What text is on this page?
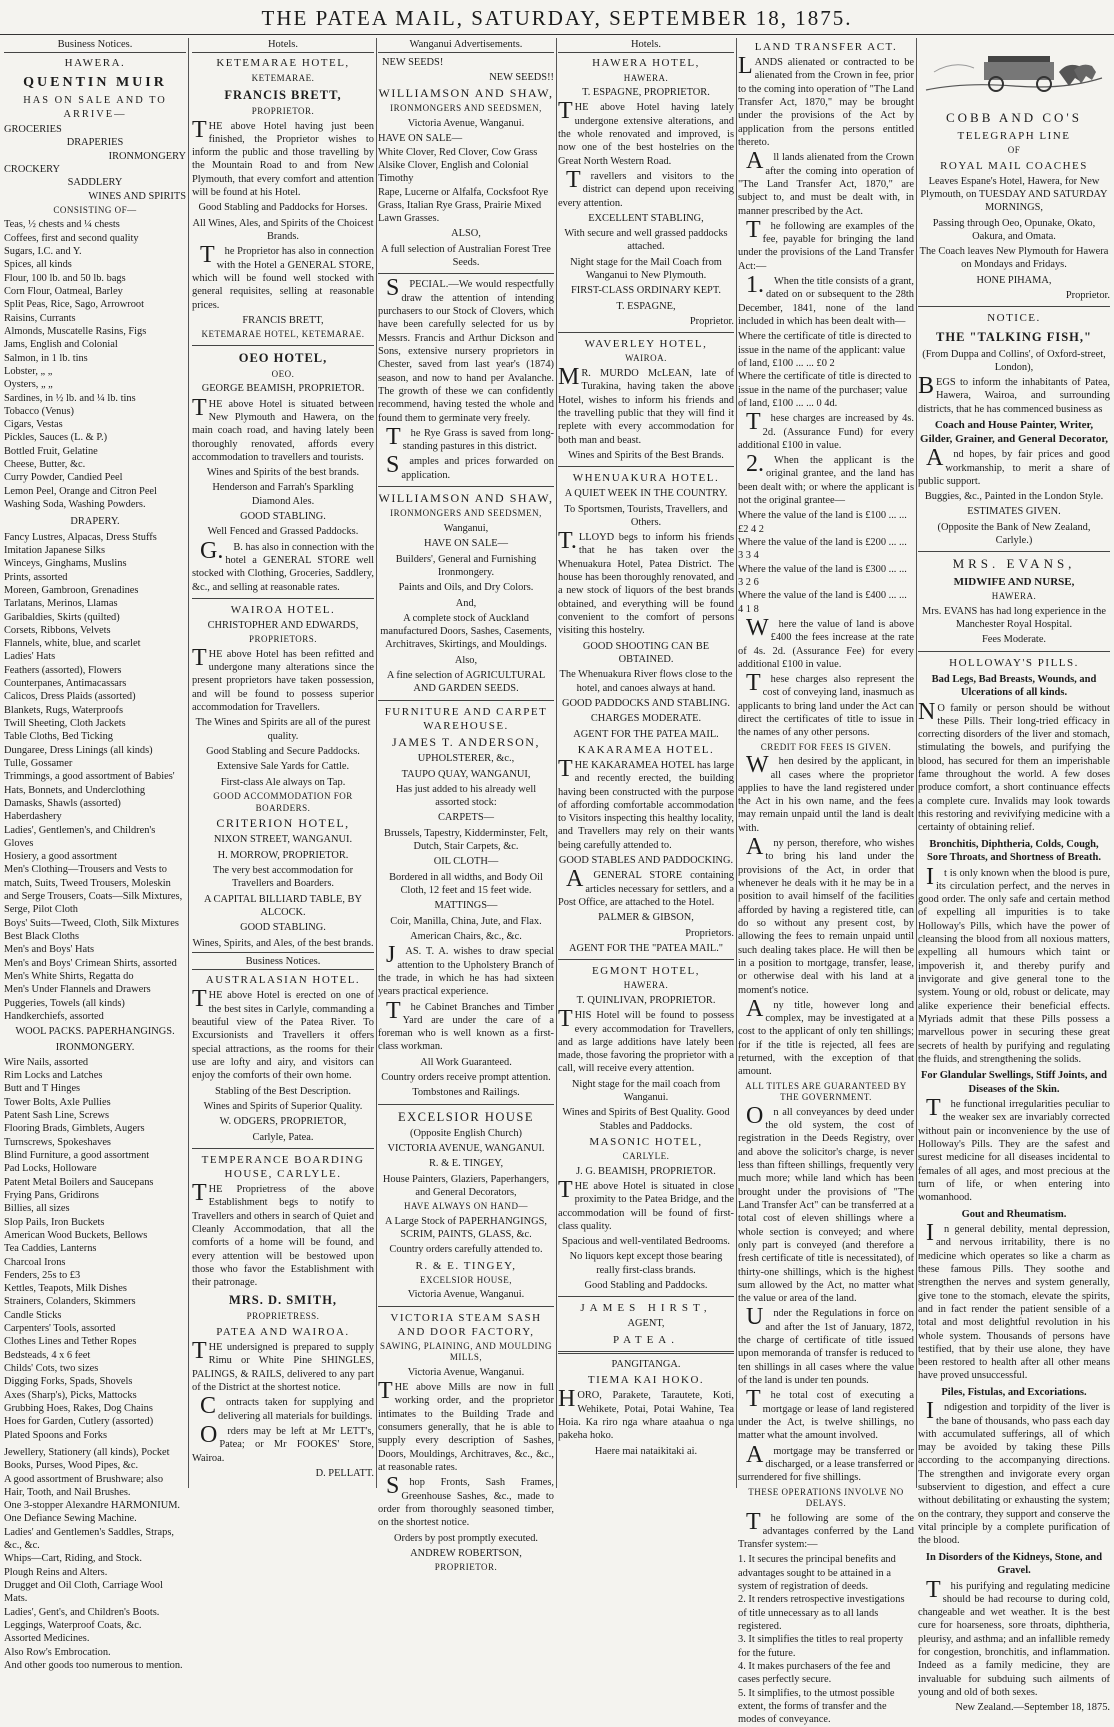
THE PATEA MAIL, SATURDAY, SEPTEMBER 18, 1875.
Business Notices.
HAWERA.
QUENTIN MUIR
HAS ON SALE AND TO ARRIVE—
GROCERIES
DRAPERIES
IRONMONGERY
CROCKERY
SADDLERY
WINES AND SPIRITS
CONSISTING OF—
Teas, ½ chests and ¼ chests
Coffees, first and second quality
Sugars, I.C. and Y.
Spices, all kinds
Flour, 100 lb. and 50 lb. bags
Corn Flour, Oatmeal, Barley
Split Peas, Rice, Sago, Arrowroot
Raisins, Currants
Almonds, Muscatelle Rasins, Figs
Jams, English and Colonial
Salmon, in 1 lb. tins
Lobster, „ „
Oysters, „ „
Sardines, in ½ lb. and ¼ lb. tins
Tobacco (Venus)
Cigars, Vestas
Pickles, Sauces (L. & P.)
Bottled Fruit, Gelatine
Cheese, Butter, &c.
Curry Powder, Candied Peel
Lemon Peel, Orange and Citron Peel
Washing Soda, Washing Powders.
DRAPERY.
Fancy Lustres, Alpacas, Dress Stuffs
Imitation Japanese Silks
Winceys, Ginghams, Muslins
Prints, assorted
Moreen, Gambroon, Grenadines
Tarlatans, Merinos, Llamas
Garibaldies, Skirts (quilted)
Corsets, Ribbons, Velvets
Flannels, white, blue, and scarlet
Ladies' Hats
Feathers (assorted), Flowers
Counterpanes, Antimacassars
Calicos, Dress Plaids (assorted)
Blankets, Rugs, Waterproofs
Twill Sheeting, Cloth Jackets
Table Cloths, Bed Ticking
Dungaree, Dress Linings (all kinds)
Tulle, Gossamer
Trimmings, a good assortment of Babies' Hats, Bonnets, and Underclothing
Damasks, Shawls (assorted)
Haberdashery
Ladies', Gentlemen's, and Children's Gloves
Hosiery, a good assortment
Men's Clothing—Trousers and Vests to match, Suits, Tweed Trousers, Moleskin and Serge Trousers, Coats—Silk Mixtures, Serge, Pilot Cloth
Boys' Suits—Tweed, Cloth, Silk Mixtures
Best Black Cloths
Men's and Boys' Hats
Men's and Boys' Crimean Shirts, assorted
Men's White Shirts, Regatta do
Men's Under Flannels and Drawers
Puggeries, Towels (all kinds)
Handkerchiefs, assorted
WOOL PACKS. PAPERHANGINGS.
IRONMONGERY.
Wire Nails, assorted
Rim Locks and Latches
Butt and T Hinges
Tower Bolts, Axle Pullies
Patent Sash Line, Screws
Flooring Brads, Gimblets, Augers
Turnscrews, Spokeshaves
Blind Furniture, a good assortment
Pad Locks, Holloware
Patent Metal Boilers and Saucepans
Frying Pans, Gridirons
Billies, all sizes
Slop Pails, Iron Buckets
American Wood Buckets, Bellows
Tea Caddies, Lanterns
Charcoal Irons
Fenders, 25s to £3
Kettles, Teapots, Milk Dishes
Strainers, Colanders, Skimmers
Candle Sticks
Carpenters' Tools, assorted
Clothes Lines and Tether Ropes
Bedsteads, 4 x 6 feet
Childs' Cots, two sizes
Digging Forks, Spads, Shovels
Axes (Sharp's), Picks, Mattocks
Grubbing Hoes, Rakes, Dog Chains
Hoes for Garden, Cutlery (assorted)
Plated Spoons and Forks
Jewellery, Stationery (all kinds), Pocket Books, Purses, Wood Pipes, &c.
A good assortment of Brushware; also Hair, Tooth, and Nail Brushes.
One 3-stopper Alexandre HARMONIUM.
One Defiance Sewing Machine.
Ladies' and Gentlemen's Saddles, Straps, &c., &c.
Whips—Cart, Riding, and Stock.
Plough Reins and Alters.
Drugget and Oil Cloth, Carriage Wool Mats.
Ladies', Gent's, and Children's Boots.
Leggings, Waterproof Coats, &c.
Assorted Medicines.
Also Row's Embrocation.
And other goods too numerous to mention.
Hotels.
KETEMARAE HOTEL,
KETEMARAE.
FRANCIS BRETT,
PROPRIETOR.
THE above Hotel having just been finished, the Proprietor wishes to inform the public and those travelling by the Mountain Road to and from New Plymouth, that every comfort and attention will be found at his Hotel.
Good Stabling and Paddocks for Horses.
All Wines, Ales, and Spirits of the Choicest Brands.
The Proprietor has also in connection with the Hotel a GENERAL STORE, which will be found well stocked with general requisites, selling at reasonable prices.
FRANCIS BRETT,
KETEMARAE HOTEL, KETEMARAE.
OEO HOTEL,
OEO.
GEORGE BEAMISH, PROPRIETOR.
THE above Hotel is situated between New Plymouth and Hawera, on the main coach road, and having lately been thoroughly renovated, affords every accommodation to travellers and tourists.
Wines and Spirits of the best brands.
Henderson and Farrah's Sparkling Diamond Ales.
GOOD STABLING.
Well Fenced and Grassed Paddocks.
G.B. has also in connection with the hotel a GENERAL STORE well stocked with Clothing, Groceries, Saddlery, &c., and selling at reasonable rates.
WAIROA HOTEL.
CHRISTOPHER AND EDWARDS,
PROPRIETORS.
THE above Hotel has been refitted and undergone many alterations since the present proprietors have taken possession, and will be found to possess superior accommodation for Travellers.
The Wines and Spirits are all of the purest quality.
Good Stabling and Secure Paddocks.
Extensive Sale Yards for Cattle.
First-class Ale always on Tap.
GOOD ACCOMMODATION FOR BOARDERS.
CRITERION HOTEL,
NIXON STREET, WANGANUI.
H. MORROW, PROPRIETOR.
The very best accommodation for Travellers and Boarders.
A CAPITAL BILLIARD TABLE, BY ALCOCK.
GOOD STABLING.
Wines, Spirits, and Ales, of the best brands.
Business Notices.
AUSTRALASIAN HOTEL.
THE above Hotel is erected on one of the best sites in Carlyle, commanding a beautiful view of the Patea River. To Excursionists and Travellers it offers special attractions, as the rooms for their use are lofty and airy, and visitors can enjoy the comforts of their own home.
Stabling of the Best Description.
Wines and Spirits of Superior Quality.
W. ODGERS, PROPRIETOR,
Carlyle, Patea.
TEMPERANCE BOARDING HOUSE, CARLYLE.
THE Proprietress of the above Establishment begs to notify to Travellers and others in search of Quiet and Cleanly Accommodation, that all the comforts of a home will be found, and every attention will be bestowed upon those who favor the Establishment with their patronage.
MRS. D. SMITH,
PROPRIETRESS.
PATEA AND WAIROA.
THE undersigned is prepared to supply Rimu or White Pine SHINGLES, PALINGS, & RAILS, delivered to any part of the District at the shortest notice.
Contracts taken for supplying and delivering all materials for buildings.
Orders may be left at Mr LETT's, Patea; or Mr FOOKES' Store, Wairoa.
D. PELLATT.
Wanganui Advertisements.
NEW SEEDS!
NEW SEEDS!!
WILLIAMSON AND SHAW,
IRONMONGERS AND SEEDSMEN,
Victoria Avenue, Wanganui.
HAVE ON SALE—
White Clover, Red Clover, Cow Grass Alsike Clover, English and Colonial Timothy
Rape, Lucerne or Alfalfa, Cocksfoot Rye Grass, Italian Rye Grass, Prairie Mixed Lawn Grasses.
ALSO,
A full selection of Australian Forest Tree Seeds.
SPECIAL.—We would respectfully draw the attention of intending purchasers to our Stock of Clovers, which have been carefully selected for us by Messrs. Francis and Arthur Dickson and Sons, extensive nursery proprietors in Chester, saved from last year's (1874) season, and now to hand per Avalanche. The growth of these we can confidently recommend, having tested the whole and found them to germinate very freely.
The Rye Grass is saved from long-standing pastures in this district.
Samples and prices forwarded on application.
WILLIAMSON AND SHAW,
IRONMONGERS AND SEEDSMEN,
Wanganui,
HAVE ON SALE—
Builders', General and Furnishing Ironmongery.
Paints and Oils, and Dry Colors.
And,
A complete stock of Auckland manufactured Doors, Sashes, Casements, Architraves, Skirtings, and Mouldings.
Also,
A fine selection of AGRICULTURAL AND GARDEN SEEDS.
FURNITURE AND CARPET WAREHOUSE.
JAMES T. ANDERSON,
UPHOLSTERER, &c.,
TAUPO QUAY, WANGANUI,
Has just added to his already well assorted stock:
CARPETS—
Brussels, Tapestry, Kidderminster, Felt, Dutch, Stair Carpets, &c.
OIL CLOTH—
Bordered in all widths, and Body Oil Cloth, 12 feet and 15 feet wide.
MATTINGS—
Coir, Manilla, China, Jute, and Flax.
American Chairs, &c., &c.
JAS. T. A. wishes to draw special attention to the Upholstery Branch of the trade, in which he has had sixteen years practical experience.
The Cabinet Branches and Timber Yard are under the care of a foreman who is well known as a first-class workman.
All Work Guaranteed.
Country orders receive prompt attention.
Tombstones and Railings.
EXCELSIOR HOUSE
(Opposite English Church)
VICTORIA AVENUE, WANGANUI.
R. & E. TINGEY,
House Painters, Glaziers, Paperhangers, and General Decorators,
HAVE ALWAYS ON HAND—
A Large Stock of PAPERHANGINGS, SCRIM, PAINTS, GLASS, &c.
Country orders carefully attended to.
R. & E. TINGEY,
EXCELSIOR HOUSE,
Victoria Avenue, Wanganui.
VICTORIA STEAM SASH AND DOOR FACTORY,
SAWING, PLAINING, AND MOULDING MILLS,
Victoria Avenue, Wanganui.
THE above Mills are now in full working order, and the proprietor intimates to the Building Trade and consumers generally, that he is able to supply every description of Sashes, Doors, Mouldings, Architraves, &c., &c., at reasonable rates.
Shop Fronts, Sash Frames, Greenhouse Sashes, &c., made to order from thoroughly seasoned timber, on the shortest notice.
Orders by post promptly executed.
ANDREW ROBERTSON,
PROPRIETOR.
Hotels.
HAWERA HOTEL,
HAWERA.
T. ESPAGNE, PROPRIETOR.
THE above Hotel having lately undergone extensive alterations, and the whole renovated and improved, is now one of the best hostelries on the Great North Western Road.
Travellers and visitors to the district can depend upon receiving every attention.
EXCELLENT STABLING,
With secure and well grassed paddocks attached.
Night stage for the Mail Coach from Wanganui to New Plymouth.
FIRST-CLASS ORDINARY KEPT.
T. ESPAGNE,
Proprietor.
WAVERLEY HOTEL,
WAIROA.
MR. MURDO McLEAN, late of Turakina, having taken the above Hotel, wishes to inform his friends and the travelling public that they will find it replete with every accommodation for both man and beast.
Wines and Spirits of the Best Brands.
WHENUAKURA HOTEL.
A QUIET WEEK IN THE COUNTRY.
To Sportsmen, Tourists, Travellers, and Others.
T.LLOYD begs to inform his friends that he has taken over the Whenuakura Hotel, Patea District. The house has been thoroughly renovated, and a new stock of liquors of the best brands obtained, and everything will be found convenient to the comfort of persons visiting this hostelry.
GOOD SHOOTING CAN BE OBTAINED.
The Whenuakura River flows close to the hotel, and canoes always at hand.
GOOD PADDOCKS AND STABLING.
CHARGES MODERATE.
AGENT FOR THE PATEA MAIL.
KAKARAMEA HOTEL.
THE KAKARAMEA HOTEL has large and recently erected, the building having been constructed with the purpose of affording comfortable accommodation to Visitors inspecting this healthy locality, and Travellers may rely on their wants being carefully attended to.
GOOD STABLES AND PADDOCKING.
AGENERAL STORE containing articles necessary for settlers, and a Post Office, are attached to the Hotel.
PALMER & GIBSON,
Proprietors.
AGENT FOR THE "PATEA MAIL."
EGMONT HOTEL,
HAWERA.
T. QUINLIVAN, PROPRIETOR.
THIS Hotel will be found to possess every accommodation for Travellers, and as large additions have lately been made, those favoring the proprietor with a call, will receive every attention.
Night stage for the mail coach from Wanganui.
Wines and Spirits of Best Quality. Good Stables and Paddocks.
MASONIC HOTEL,
CARLYLE.
J. G. BEAMISH, PROPRIETOR.
THE above Hotel is situated in close proximity to the Patea Bridge, and the accommodation will be found of first-class quality.
Spacious and well-ventilated Bedrooms.
No liquors kept except those bearing really first-class brands.
Good Stabling and Paddocks.
JAMES HIRST,
AGENT,
PATEA.
PANGITANGA.
TIEMA KAI HOKO.
HORO, Parakete, Tarautete, Koti, Wehikete, Potai, Potai Wahine, Tea Hoia. Ka riro nga whare ataahua o nga pakeha hoko.
Haere mai nataikitaki ai.
LAND TRANSFER ACT.
LANDS alienated or contracted to be alienated from the Crown in fee, prior to the coming into operation of "The Land Transfer Act, 1870," may be brought under the provisions of the Act by application from the persons entitled thereto.
All lands alienated from the Crown after the coming into operation of "The Land Transfer Act, 1870," are subject to, and must be dealt with, in manner prescribed by the Act.
The following are examples of the fee, payable for bringing the land under the provisions of the Land Transfer Act:—
1.When the title consists of a grant, dated on or subsequent to the 28th December, 1841, none of the land included in which has been dealt with—
Where the certificate of title is directed to issue in the name of the applicant: value of land, £100 ... ... £0 2
Where the certificate of title is directed to issue in the name of the purchaser; value of land, £100 ... ... 0 4d.
These charges are increased by 4s. 2d. (Assurance Fund) for every additional £100 in value.
2.When the applicant is the original grantee, and the land has been dealt with; or where the applicant is not the original grantee—
Where the value of the land is £100 ... ... £2 4 2
Where the value of the land is £200 ... ... 3 3 4
Where the value of the land is £300 ... ... 3 2 6
Where the value of the land is £400 ... ... 4 1 8
Where the value of land is above £400 the fees increase at the rate of 4s. 2d. (Assurance Fee) for every additional £100 in value.
These charges also represent the cost of conveying land, inasmuch as applicants to bring land under the Act can direct the certificates of title to issue in the names of any other persons.
CREDIT FOR FEES IS GIVEN.
When desired by the applicant, in all cases where the proprietor applies to have the land registered under the Act in his own name, and the fees may remain unpaid until the land is dealt with.
Any person, therefore, who wishes to bring his land under the provisions of the Act, in order that whenever he deals with it he may be in a position to avail himself of the facilities afforded by having a registered title, can do so without any present cost, by allowing the fees to remain unpaid until such dealing takes place. He will then be in a position to mortgage, transfer, lease, or otherwise deal with his land at a moment's notice.
Any title, however long and complex, may be investigated at a cost to the applicant of only ten shillings; for if the title is rejected, all fees are returned, with the exception of that amount.
ALL TITLES ARE GUARANTEED BY THE GOVERNMENT.
On all conveyances by deed under the old system, the cost of registration in the Deeds Registry, over and above the solicitor's charge, is never less than fifteen shillings, frequently very much more; while land which has been brought under the provisions of "The Land Transfer Act" can be transferred at a total cost of eleven shillings where a whole section is conveyed; and where only part is conveyed (and therefore a fresh certificate of title is necessitated), of thirty-one shillings, which is the highest sum allowed by the Act, no matter what the value or area of the land.
Under the Regulations in force on and after the 1st of January, 1872, the charge of certificate of title issued upon memoranda of transfer is reduced to ten shillings in all cases where the value of the land is under ten pounds.
The total cost of executing a mortgage or lease of land registered under the Act, is twelve shillings, no matter what the amount involved.
Amortgage may be transferred or discharged, or a lease transferred or surrendered for five shillings.
THESE OPERATIONS INVOLVE NO DELAYS.
The following are some of the advantages conferred by the Land Transfer system:—
1. It secures the principal benefits and advantages sought to be attained in a system of registration of deeds.
2. It renders retrospective investigations of title unnecessary as to all lands registered.
3. It simplifies the titles to real property for the future.
4. It makes purchasers of the fee and cases perfectly secure.
5. It simplifies, to the utmost possible extent, the forms of transfer and the modes of conveyance.
COBB AND CO'S
TELEGRAPH LINE
OF
ROYAL MAIL COACHES
Leaves Espane's Hotel, Hawera, for New Plymouth, on TUESDAY AND SATURDAY MORNINGS,
Passing through Oeo, Opunake, Okato, Oakura, and Omata.
The Coach leaves New Plymouth for Hawera on Mondays and Fridays.
HONE PIHAMA,
Proprietor.
NOTICE.
THE "TALKING FISH,"
(From Duppa and Collins', of Oxford-street, London),
BEGS to inform the inhabitants of Patea, Hawera, Wairoa, and surrounding districts, that he has commenced business as
Coach and House Painter, Writer, Gilder, Grainer, and General Decorator,
And hopes, by fair prices and good workmanship, to merit a share of public support.
Buggies, &c., Painted in the London Style.
ESTIMATES GIVEN.
(Opposite the Bank of New Zealand, Carlyle.)
MRS. EVANS,
MIDWIFE AND NURSE,
HAWERA.
Mrs. EVANS has had long experience in the Manchester Royal Hospital.
Fees Moderate.
HOLLOWAY'S PILLS.
Bad Legs, Bad Breasts, Wounds, and Ulcerations of all kinds.
NO family or person should be without these Pills. Their long-tried efficacy in correcting disorders of the liver and stomach, stimulating the bowels, and purifying the blood, has secured for them an imperishable fame throughout the world. A few doses produce comfort, a short continuance effects a complete cure. Invalids may look towards this restoring and revivifying medicine with a certainty of obtaining relief.
Bronchitis, Diphtheria, Colds, Cough, Sore Throats, and Shortness of Breath.
It is only known when the blood is pure, its circulation perfect, and the nerves in good order. The only safe and certain method of expelling all impurities is to take Holloway's Pills, which have the power of cleansing the blood from all noxious matters, expelling all humours which taint or impoverish it, and thereby purify and invigorate and give general tone to the system. Young or old, robust or delicate, may alike experience their beneficial effects. Myriads admit that these Pills possess a marvellous power in securing these great secrets of health by purifying and regulating the fluids, and strengthening the solids.
For Glandular Swellings, Stiff Joints, and Diseases of the Skin.
The functional irregularities peculiar to the weaker sex are invariably corrected without pain or inconvenience by the use of Holloway's Pills. They are the safest and surest medicine for all diseases incidental to females of all ages, and most precious at the turn of life, or when entering into womanhood.
Gout and Rheumatism.
In general debility, mental depression, and nervous irritability, there is no medicine which operates so like a charm as these famous Pills. They soothe and strengthen the nerves and system generally, give tone to the stomach, elevate the spirits, and in fact render the patient sensible of a total and most delightful revolution in his whole system. Thousands of persons have testified, that by their use alone, they have been restored to health after all other means have proved unsuccessful.
Piles, Fistulas, and Excoriations.
Indigestion and torpidity of the liver is the bane of thousands, who pass each day with accumulated sufferings, all of which may be avoided by taking these Pills according to the accompanying directions. The strengthen and invigorate every organ subservient to digestion, and effect a cure without debilitating or exhausting the system; on the contrary, they support and conserve the vital principle by a complete purification of the blood.
In Disorders of the Kidneys, Stone, and Gravel.
This purifying and regulating medicine should be had recourse to during cold, changeable and wet weather. It is the best cure for hoarseness, sore throats, diphtheria, pleurisy, and asthma; and an infallible remedy for congestion, bronchitis, and inflammation. Indeed as a family medicine, they are invaluable for subduing such ailments of young and old of both sexes.
New Zealand.—September 18, 1875.
